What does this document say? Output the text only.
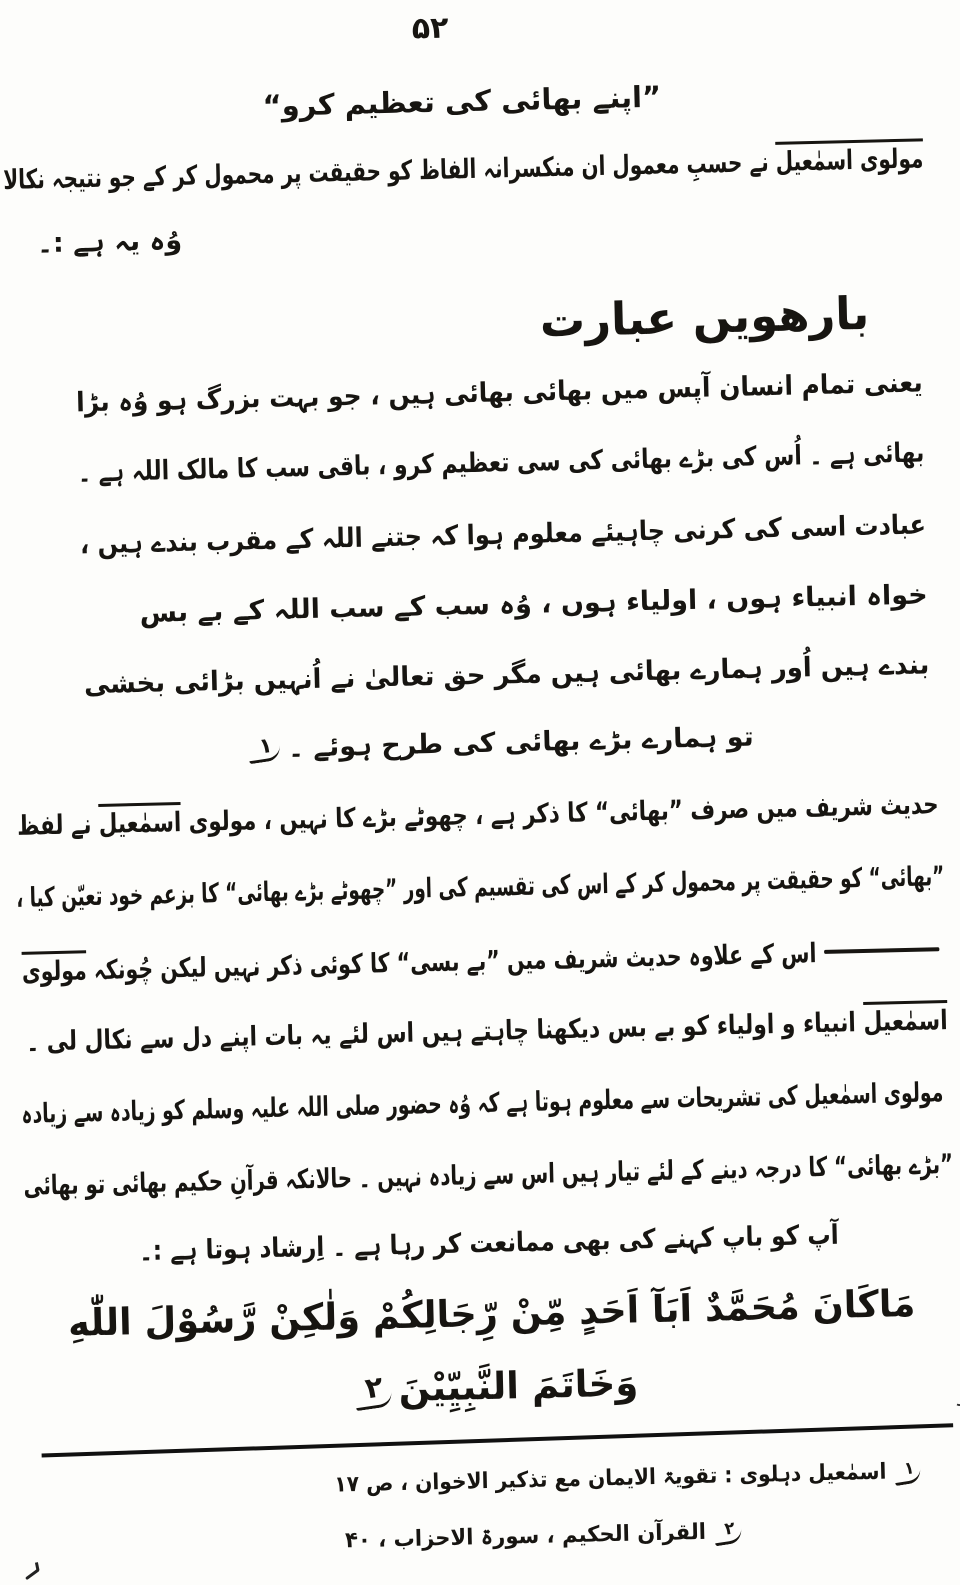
۵۲
”اپنے بھائی کی تعظیم کرو“
مولوی اسمٰعیل نے حسبِ معمول ان منکسرانہ الفاظ کو حقیقت پر محمول کر کے جو نتیجہ نکالا
وُہ یہ ہے :۔
بارھویں عبارت
یعنی تمام انسان آپس میں بھائی بھائی ہیں ، جو بہت بزرگ ہو وُہ بڑا
بھائی ہے ۔ اُس کی بڑے بھائی کی سی تعظیم کرو ، باقی سب کا مالک اللہ ہے ۔
عبادت اسی کی کرنی چاہیئے معلوم ہوا کہ جتنے اللہ کے مقرب بندے ہیں ،
خواہ انبیاء ہوں ، اولیاء ہوں ، وُہ سب کے سب اللہ کے بے بس
بندے ہیں اُور ہمارے بھائی ہیں مگر حق تعالیٰ نے اُنہیں بڑائی بخشی
تو ہمارے بڑے بھائی کی طرح ہوئے ۔۱
حدیث شریف میں صرف ”بھائی“ کا ذکر ہے ، چھوٹے بڑے کا نہیں ، مولوی اسمٰعیل نے لفظ
”بھائی“ کو حقیقت پر محمول کر کے اس کی تقسیم کی اور ”چھوٹے بڑے بھائی“ کا بزعم خود تعیّن کیا ،
اس کے علاوہ حدیث شریف میں ”بے بسی“ کا کوئی ذکر نہیں لیکن چُونکہ مولوی
اسمٰعیل انبیاء و اولیاء کو بے بس دیکھنا چاہتے ہیں اس لئے یہ بات اپنے دل سے نکال لی ۔
مولوی اسمٰعیل کی تشریحات سے معلوم ہوتا ہے کہ وُہ حضور صلی اللہ علیہ وسلم کو زیادہ سے زیادہ
”بڑے بھائی“ کا درجہ دینے کے لئے تیار ہیں اس سے زیادہ نہیں ۔ حالانکہ قرآنِ حکیم بھائی تو بھائی
آپ کو باپ کہنے کی بھی ممانعت کر رہا ہے ۔ اِرشاد ہوتا ہے :۔
مَاكَانَ مُحَمَّدٌ اَبَآ اَحَدٍ مِّنْ رِّجَالِكُمْ وَلٰكِنْ رَّسُوْلَ اللّٰهِ
وَخَاتَمَ النَّبِيِّيْنَ۲
۱اسمٰعیل دہلوی : تقویۃ الایمان مع تذکیر الاخوان ، ص ۱۷
۲القرآن الحکیم ، سورۃ الاحزاب ، ۴۰
